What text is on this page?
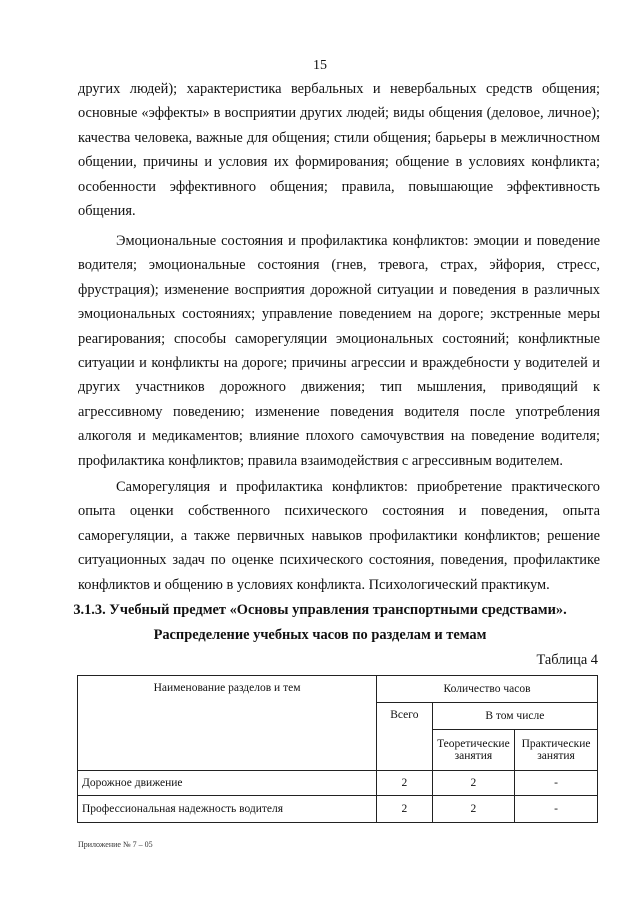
15

других людей); характеристика вербальных и невербальных средств общения; основные «эффекты» в восприятии других людей; виды общения (деловое, личное); качества человека, важные для общения; стили общения; барьеры в межличностном общении, причины и условия их формирования; общение в условиях конфликта; особенности эффективного общения; правила, повышающие эффективность общения.

Эмоциональные состояния и профилактика конфликтов: эмоции и поведение водителя; эмоциональные состояния (гнев, тревога, страх, эйфория, стресс, фрустрация); изменение восприятия дорожной ситуации и поведения в различных эмоциональных состояниях; управление поведением на дороге; экстренные меры реагирования; способы саморегуляции эмоциональных состояний; конфликтные ситуации и конфликты на дороге; причины агрессии и враждебности у водителей и других участников дорожного движения; тип мышления, приводящий к агрессивному поведению; изменение поведения водителя после употребления алкоголя и медикаментов; влияние плохого самочувствия на поведение водителя; профилактика конфликтов; правила взаимодействия с агрессивным водителем.

Саморегуляция и профилактика конфликтов: приобретение практического опыта оценки собственного психического состояния и поведения, опыта саморегуляции, а также первичных навыков профилактики конфликтов; решение ситуационных задач по оценке психического состояния, поведения, профилактике конфликтов и общению в условиях конфликта. Психологический практикум.

3.1.3. Учебный предмет «Основы управления транспортными средствами».
Распределение учебных часов по разделам и темам
Таблица 4
Наименование разделов и тем	Количество часов		
	Всего	В том числе	
		Теоретические занятия	Практические занятия
Дорожное движение	2	2	-
Профессиональная надежность водителя	2	2	-
Приложение № 7 – 05
